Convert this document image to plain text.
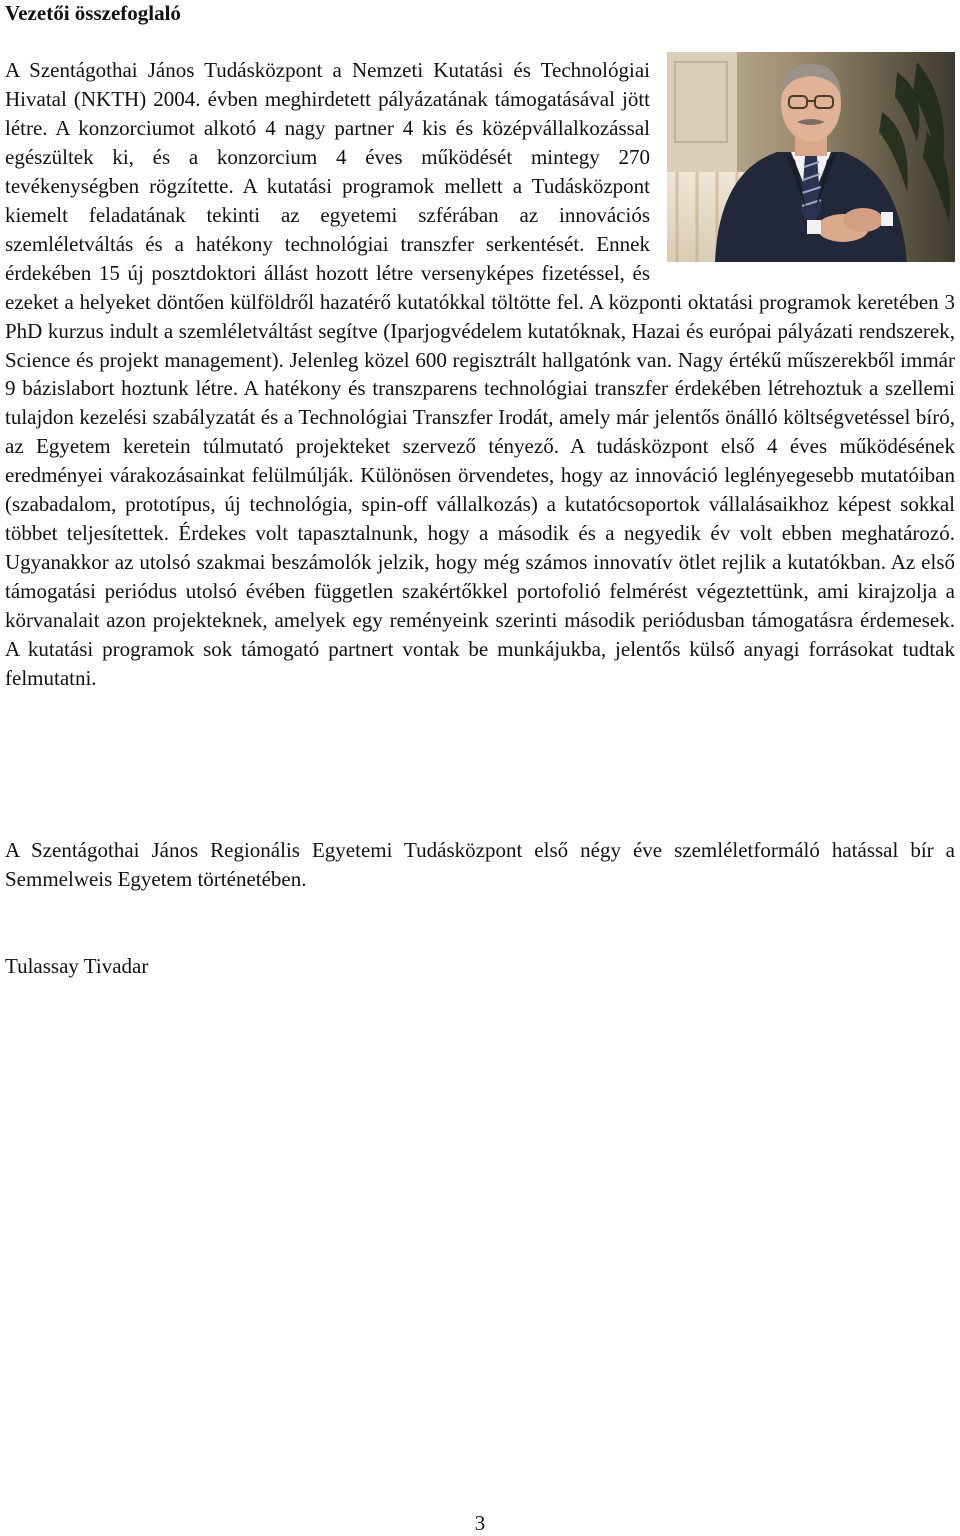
Vezetői összefoglaló

A Szentágothai János Tudásközpont a Nemzeti Kutatási és Technológiai Hivatal (NKTH) 2004. évben meghirdetett pályázatának támogatásával jött létre. A konzorciumot alkotó 4 nagy partner 4 kis és középvállalkozással egészültek ki, és a konzorcium 4 éves működését mintegy 270 tevékenységben rögzítette. A kutatási programok mellett a Tudásközpont kiemelt feladatának tekinti az egyetemi szférában az innovációs szemléletváltás és a hatékony technológiai transzfer serkentését. Ennek érdekében 15 új posztdoktori állást hozott létre versenyképes fizetéssel, és ezeket a helyeket döntően külföldről hazatérő kutatókkal töltötte fel. A központi oktatási programok keretében 3 PhD kurzus indult a szemléletváltást segítve (Iparjogvédelem kutatóknak, Hazai és európai pályázati rendszerek, Science és projekt management). Jelenleg közel 600 regisztrált hallgatónk van. Nagy értékű műszerekből immár 9 bázislabort hoztunk létre. A hatékony és transzparens technológiai transzfer érdekében létrehoztuk a szellemi tulajdon kezelési szabályzatát és a Technológiai Transzfer Irodát, amely már jelentős önálló költségvetéssel bíró, az Egyetem keretein túlmutató projekteket szervező tényező. A tudásközpont első 4 éves működésének eredményei várakozásainkat felülmúlják. Különösen örvendetes, hogy az innováció leglényegesebb mutatóiban (szabadalom, prototípus, új technológia, spin-off vállalkozás) a kutatócsoportok vállalásaikhoz képest sokkal többet teljesítettek. Érdekes volt tapasztalnunk, hogy a második és a negyedik év volt ebben meghatározó. Ugyanakkor az utolsó szakmai beszámolók jelzik, hogy még számos innovatív ötlet rejlik a kutatókban. Az első támogatási periódus utolsó évében független szakértőkkel portofolió felmérést végeztettünk, ami kirajzolja a körvanalait azon projekteknek, amelyek egy reményeink szerinti második periódusban támogatásra érdemesek. A kutatási programok sok támogató partnert vontak be munkájukba, jelentős külső anyagi forrásokat tudtak felmutatni.

A Szentágothai János Regionális Egyetemi Tudásközpont első négy éve szemléletformáló hatással bír a Semmelweis Egyetem történetében.

Tulassay Tivadar

3
